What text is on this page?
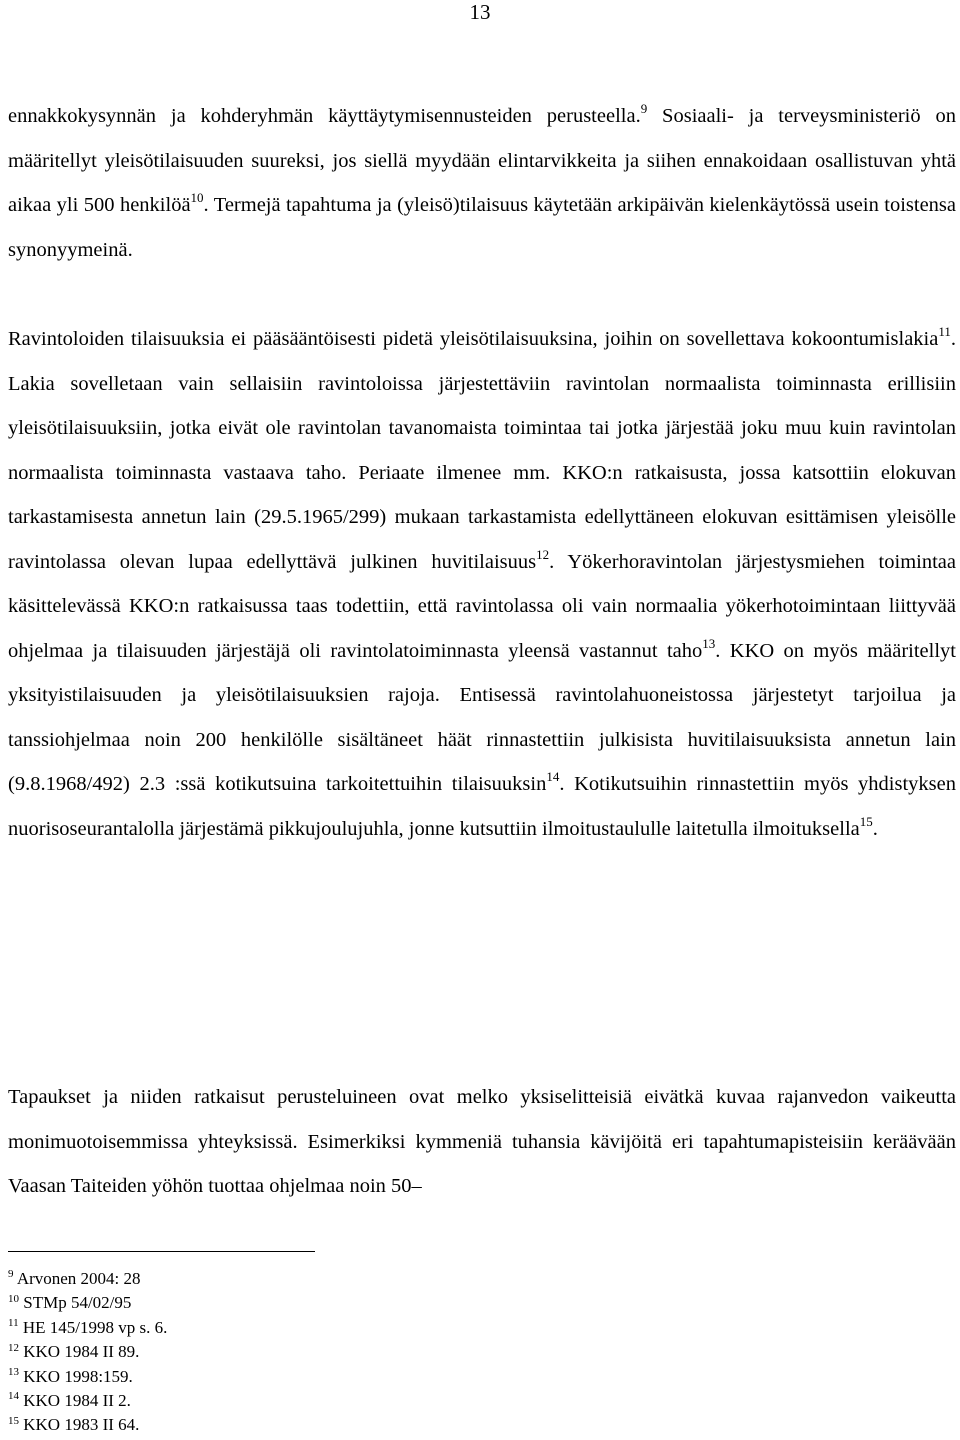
13

ennakkokysynnän ja kohderyhmän käyttäytymisennusteiden perusteella.$^9$ Sosiaali- ja terveysministeriö on määritellyt yleisötilaisuuden suureksi, jos siellä myydään elintarvikkeita ja siihen ennakoidaan osallistuvan yhtä aikaa yli 500 henkilöä$^{10}$. Termejä tapahtuma ja (yleisö)tilaisuus käytetään arkipäivän kielenkäytössä usein toistensa synonyymeinä.

Ravintoloiden tilaisuuksia ei pääsääntöisesti pidetä yleisötilaisuuksina, joihin on sovellettava kokoontumislakia$^{11}$. Lakia sovelletaan vain sellaisiin ravintoloissa järjestettäviin ravintolan normaalista toiminnasta erillisiin yleisötilaisuuksiin, jotka eivät ole ravintolan tavanomaista toimintaa tai jotka järjestää joku muu kuin ravintolan normaalista toiminnasta vastaava taho. Periaate ilmenee mm. KKO:n ratkaisusta, jossa katsottiin elokuvan tarkastamisesta annetun lain (29.5.1965/299) mukaan tarkastamista edellyttäneen elokuvan esittämisen yleisölle ravintolassa olevan lupaa edellyttävä julkinen huvitilaisuus$^{12}$. Yökerhoravintolan järjestysmiehen toimintaa käsittelevässä KKO:n ratkaisussa taas todettiin, että ravintolassa oli vain normaalia yökerhotoimintaan liittyvää ohjelmaa ja tilaisuuden järjestäjä oli ravintolatoiminnasta yleensä vastannut taho$^{13}$. KKO on myös määritellyt yksityistilaisuuden ja yleisötilaisuuksien rajoja. Entisessä ravintolahuoneistossa järjestetyt tarjoilua ja tanssiohjelmaa noin 200 henkilölle sisältäneet häät rinnastettiin julkisista huvitilaisuuksista annetun lain (9.8.1968/492) 2.3 :ssä kotikutsuina tarkoitettuihin tilaisuuksin$^{14}$. Kotikutsuihin rinnastettiin myös yhdistyksen nuorisoseurantalolla järjestämä pikkujoulujuhla, jonne kutsuttiin ilmoitustaululle laitetulla ilmoituksella$^{15}$.

Tapaukset ja niiden ratkaisut perusteluineen ovat melko yksiselitteisiä eivätkä kuvaa rajanvedon vaikeutta monimuotoisemmissa yhteyksissä. Esimerkiksi kymmeniä tuhansia kävijöitä eri tapahtumapisteisiin keräävään Vaasan Taiteiden yöhön tuottaa ohjelmaa noin 50–

$^9$ Arvonen 2004: 28
$^{10}$ STMp 54/02/95
$^{11}$ HE 145/1998 vp s. 6.
$^{12}$ KKO 1984 II 89.
$^{13}$ KKO 1998:159.
$^{14}$ KKO 1984 II 2.
$^{15}$ KKO 1983 II 64.
